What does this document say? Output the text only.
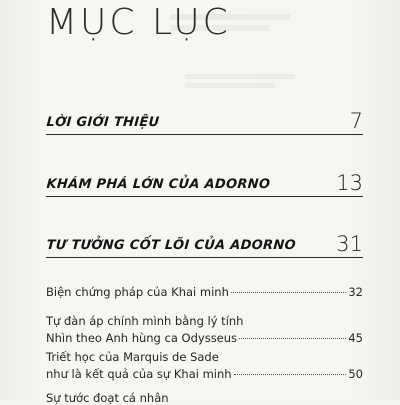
MỤC LỤC
LỜI GIỚI THIỆU	7
KHÁM PHÁ LỚN CỦA ADORNO	13
TƯ TƯỞNG CỐT LÕI CỦA ADORNO 31
Biện chứng pháp của Khai minh	32
Tự đàn áp chính mình bằng lý tính
Nhìn theo Anh hùng ca Odysseus	45
Triết học của Marquis de Sade
như là kết quả của sự Khai minh	50
Sự tước đoạt cá nhân
